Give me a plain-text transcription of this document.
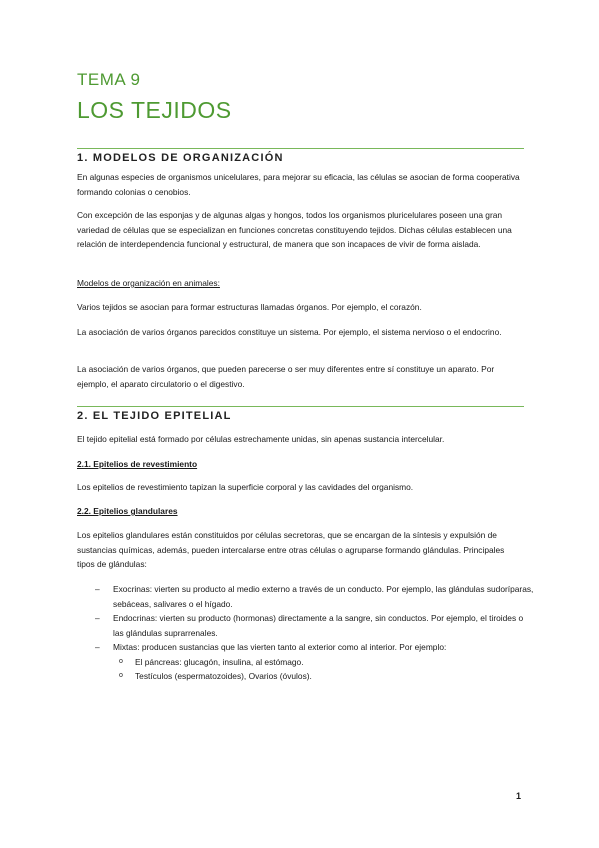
TEMA 9
LOS TEJIDOS
1. MODELOS DE ORGANIZACIÓN
En algunas especies de organismos unicelulares, para mejorar su eficacia, las células se asocian de forma cooperativa formando colonias o cenobios.
Con excepción de las esponjas y de algunas algas y hongos, todos los organismos pluricelulares poseen una gran variedad de células que se especializan en funciones concretas constituyendo tejidos. Dichas células establecen una relación de interdependencia funcional y estructural, de manera que son incapaces de vivir de forma aislada.
Modelos de organización en animales:
Varios tejidos se asocian para formar estructuras llamadas órganos. Por ejemplo, el corazón.
La asociación de varios órganos parecidos constituye un sistema. Por ejemplo, el sistema nervioso o el endocrino.
La asociación de varios órganos, que pueden parecerse o ser muy diferentes entre sí constituye un aparato. Por ejemplo, el aparato circulatorio o el digestivo.
2. EL TEJIDO EPITELIAL
El tejido epitelial está formado por células estrechamente unidas, sin apenas sustancia intercelular.
2.1. Epitelios de revestimiento
Los epitelios de revestimiento tapizan la superficie corporal y las cavidades del organismo.
2.2. Epitelios glandulares
Los epitelios glandulares están constituidos por células secretoras, que se encargan de la síntesis y expulsión de sustancias químicas, además, pueden intercalarse entre otras células o agruparse formando glándulas. Principales tipos de glándulas:
– Exocrinas: vierten su producto al medio externo a través de un conducto. Por ejemplo, las glándulas sudoríparas, sebáceas, salivares o el hígado.
– Endocrinas: vierten su producto (hormonas) directamente a la sangre, sin conductos. Por ejemplo, el tiroides o las glándulas suprarrenales.
– Mixtas: producen sustancias que las vierten tanto al exterior como al interior. Por ejemplo:
o El páncreas: glucagón, insulina, al estómago.
o Testículos (espermatozoides), Ovarios (óvulos).
1
